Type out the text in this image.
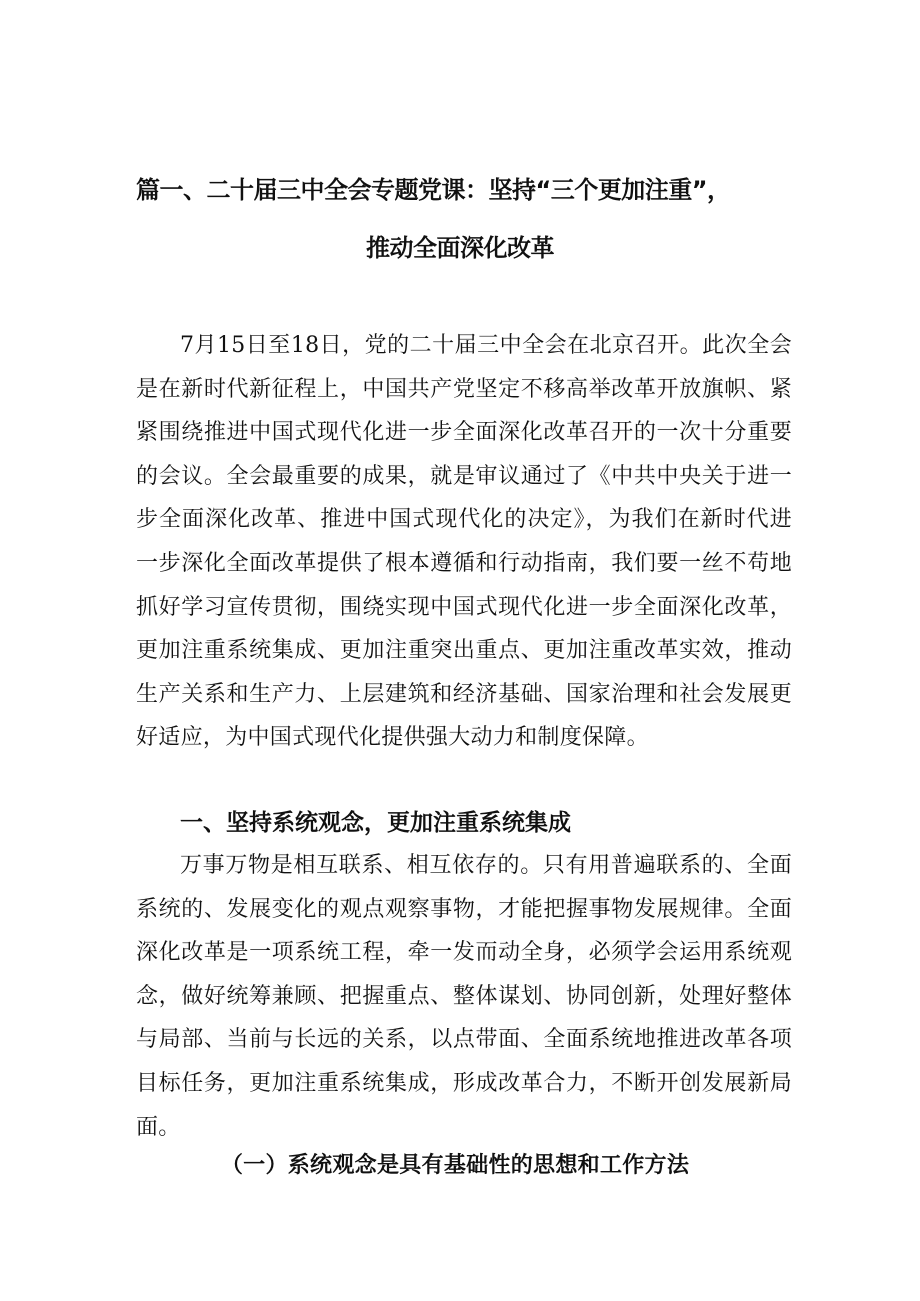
篇一、二十届三中全会专题党课：坚持“三个更加注重”，
推动全面深化改革

7月15日至18日，党的二十届三中全会在北京召开。此次全会是在新时代新征程上，中国共产党坚定不移高举改革开放旗帜、紧紧围绕推进中国式现代化进一步全面深化改革召开的一次十分重要的会议。全会最重要的成果，就是审议通过了《中共中央关于进一步全面深化改革、推进中国式现代化的决定》，为我们在新时代进一步深化全面改革提供了根本遵循和行动指南，我们要一丝不苟地抓好学习宣传贯彻，围绕实现中国式现代化进一步全面深化改革，更加注重系统集成、更加注重突出重点、更加注重改革实效，推动生产关系和生产力、上层建筑和经济基础、国家治理和社会发展更好适应，为中国式现代化提供强大动力和制度保障。

一、坚持系统观念，更加注重系统集成

万事万物是相互联系、相互依存的。只有用普遍联系的、全面系统的、发展变化的观点观察事物，才能把握事物发展规律。全面深化改革是一项系统工程，牵一发而动全身，必须学会运用系统观念，做好统筹兼顾、把握重点、整体谋划、协同创新，处理好整体与局部、当前与长远的关系，以点带面、全面系统地推进改革各项目标任务，更加注重系统集成，形成改革合力，不断开创发展新局面。

（一）系统观念是具有基础性的思想和工作方法
